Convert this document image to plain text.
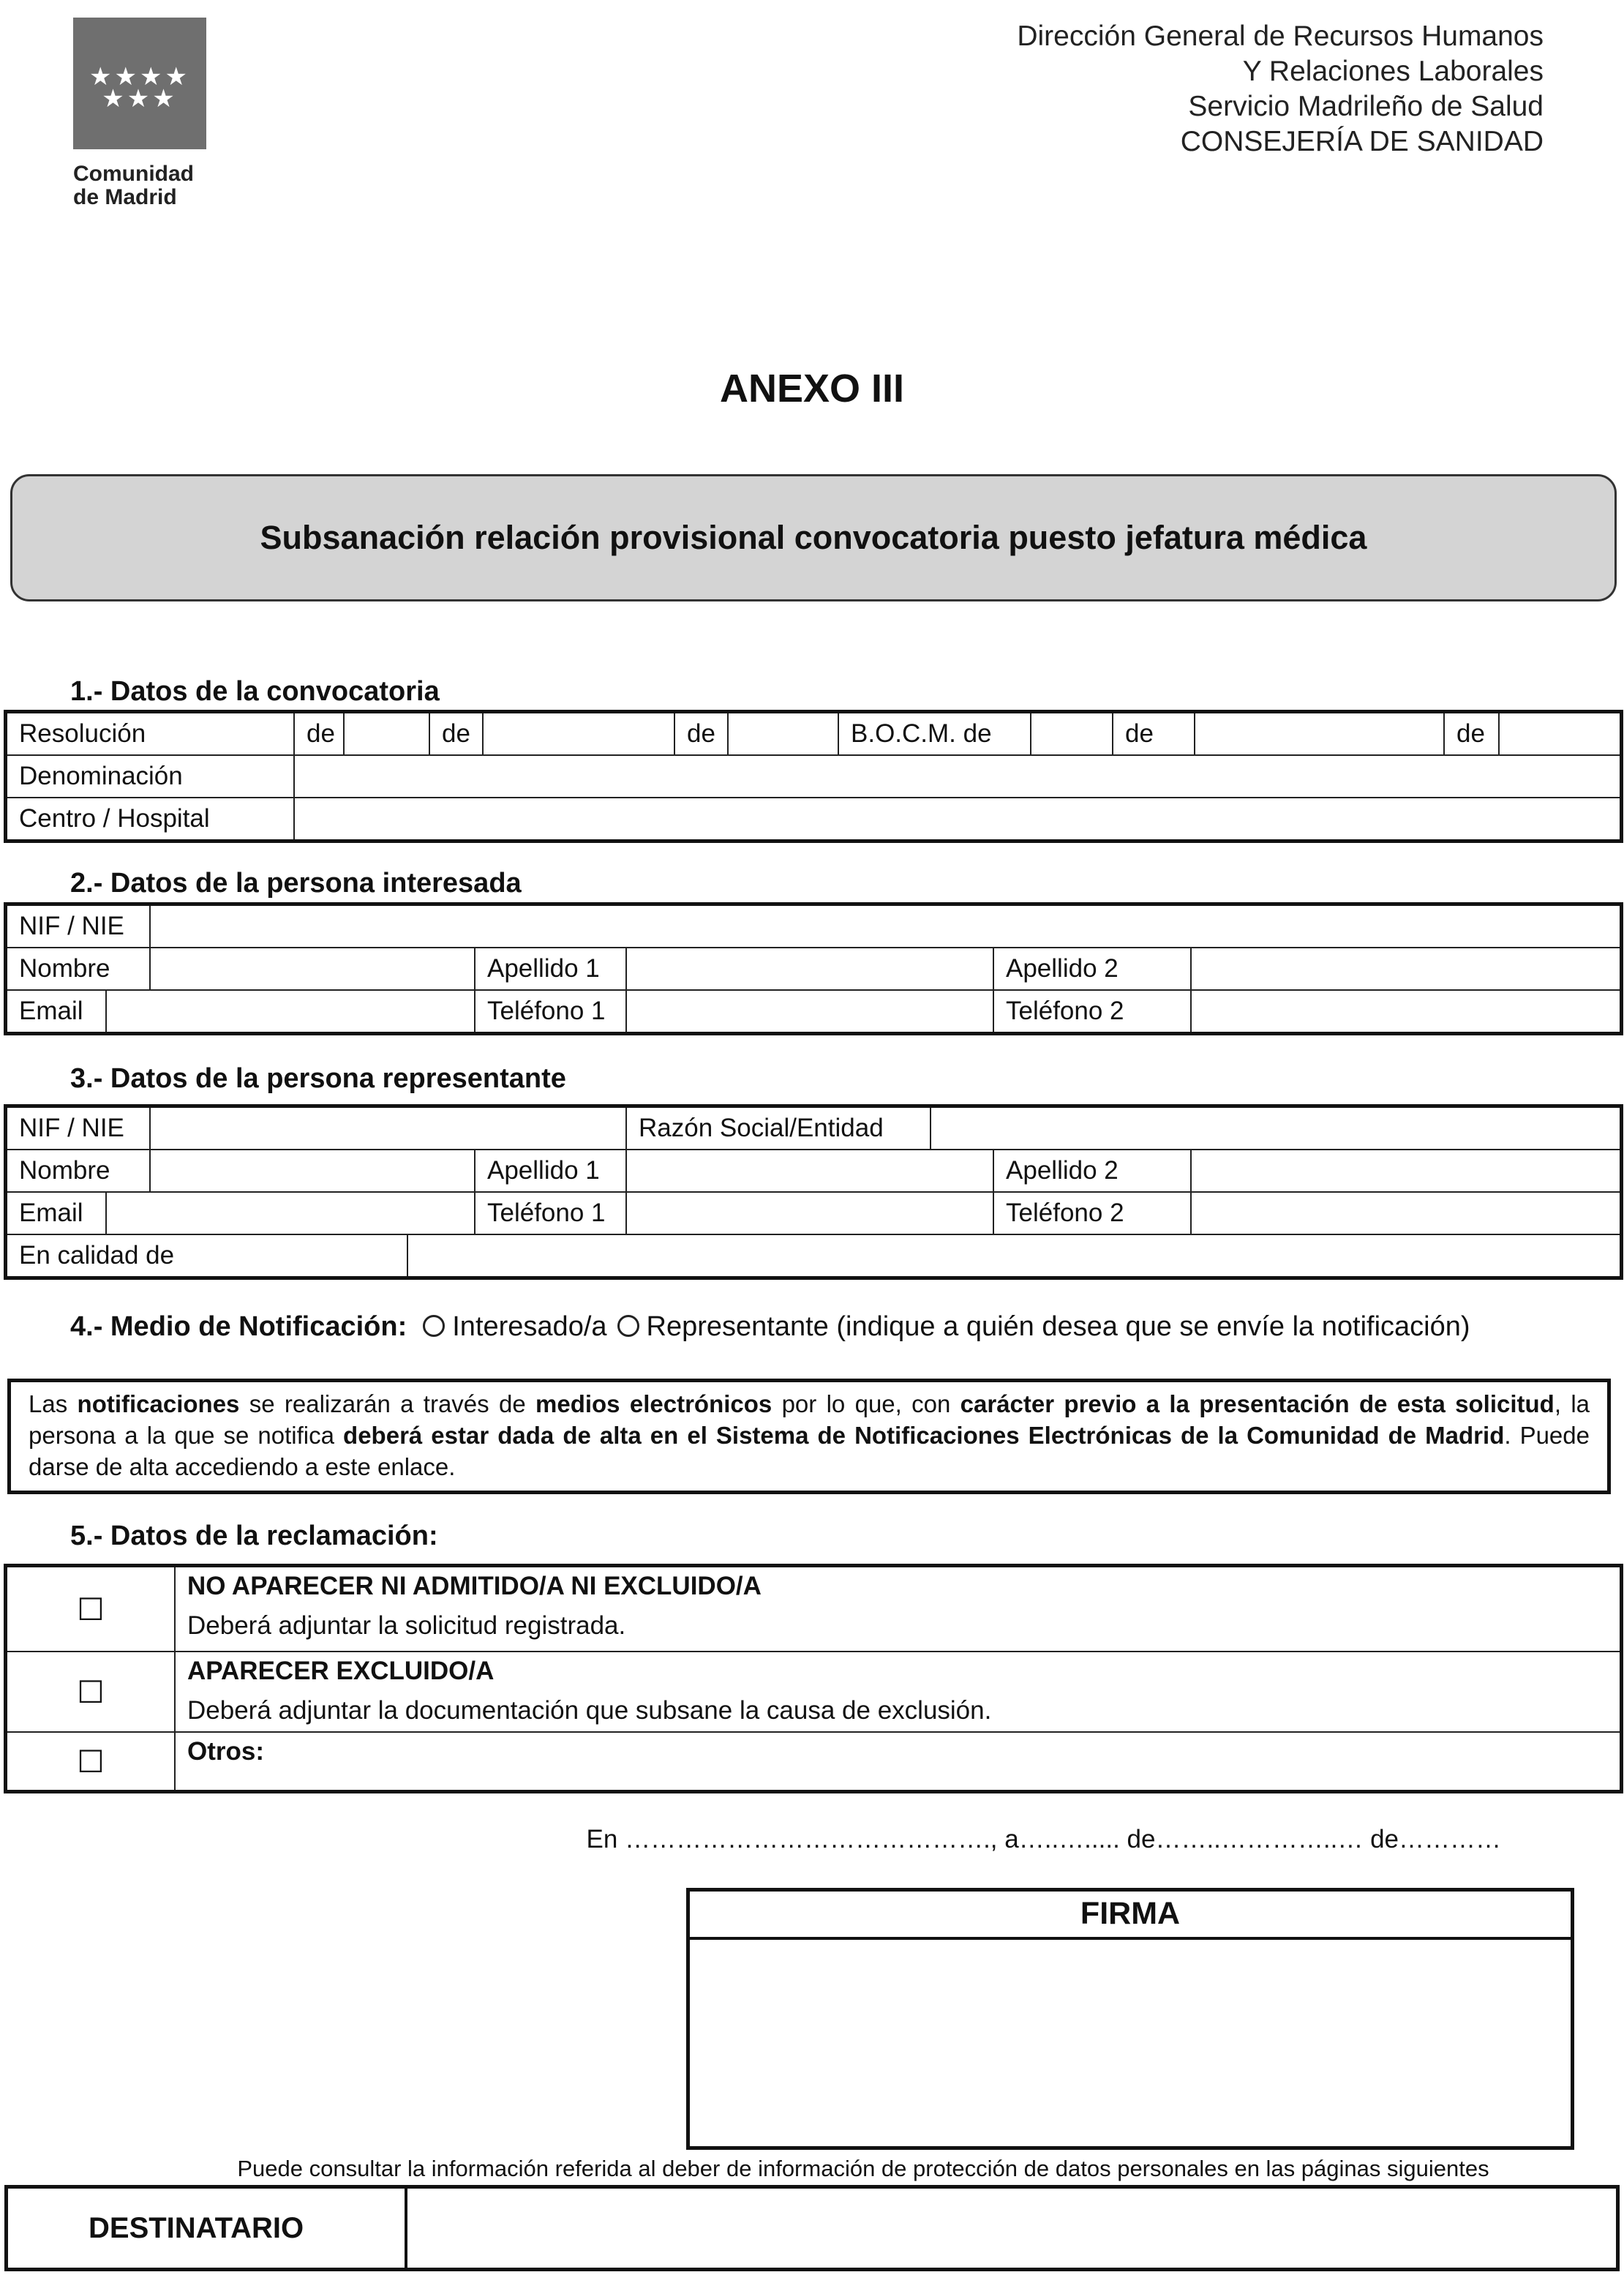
★★★★
★★★
Comunidad
de Madrid
Dirección General de Recursos Humanos
Y Relaciones Laborales
Servicio Madrileño de Salud
CONSEJERÍA DE SANIDAD
ANEXO III
Subsanación relación provisional convocatoria puesto jefatura médica
1.- Datos de la convocatoria
Resolución	de		de		de		B.O.C.M. de		de		de	
Denominación												
Centro / Hospital												
2.- Datos de la persona interesada
NIF / NIE						
Nombre			Apellido 1		Apellido 2	
Email			Teléfono 1		Teléfono 2	
3.- Datos de la persona representante
NIF / NIE					Razón Social/Entidad			
Nombre				Apellido 1			Apellido 2	
Email				Teléfono 1			Teléfono 2	
En calidad de								
4.- Medio de Notificación: Interesado/a Representante (indique a quién desea que se envíe la notificación)
Las notificaciones se realizarán a través de medios electrónicos por lo que, con carácter previo a la presentación de esta solicitud, la persona a la que se notifica deberá estar dada de alta en el Sistema de Notificaciones Electrónicas de la Comunidad de Madrid. Puede darse de alta accediendo a este enlace.
5.- Datos de la reclamación:
☐	NO APARECER NI ADMITIDO/A NI EXCLUIDO/A
Deberá adjuntar la solicitud registrada.

☐	APARECER EXCLUIDO/A
Deberá adjuntar la documentación que subsane la causa de exclusión.

☐	Otros:
En ……………………………………., a…..…..... de……..…………..… de…………
FIRMA
Puede consultar la información referida al deber de información de protección de datos personales en las páginas siguientes
DESTINATARIO
